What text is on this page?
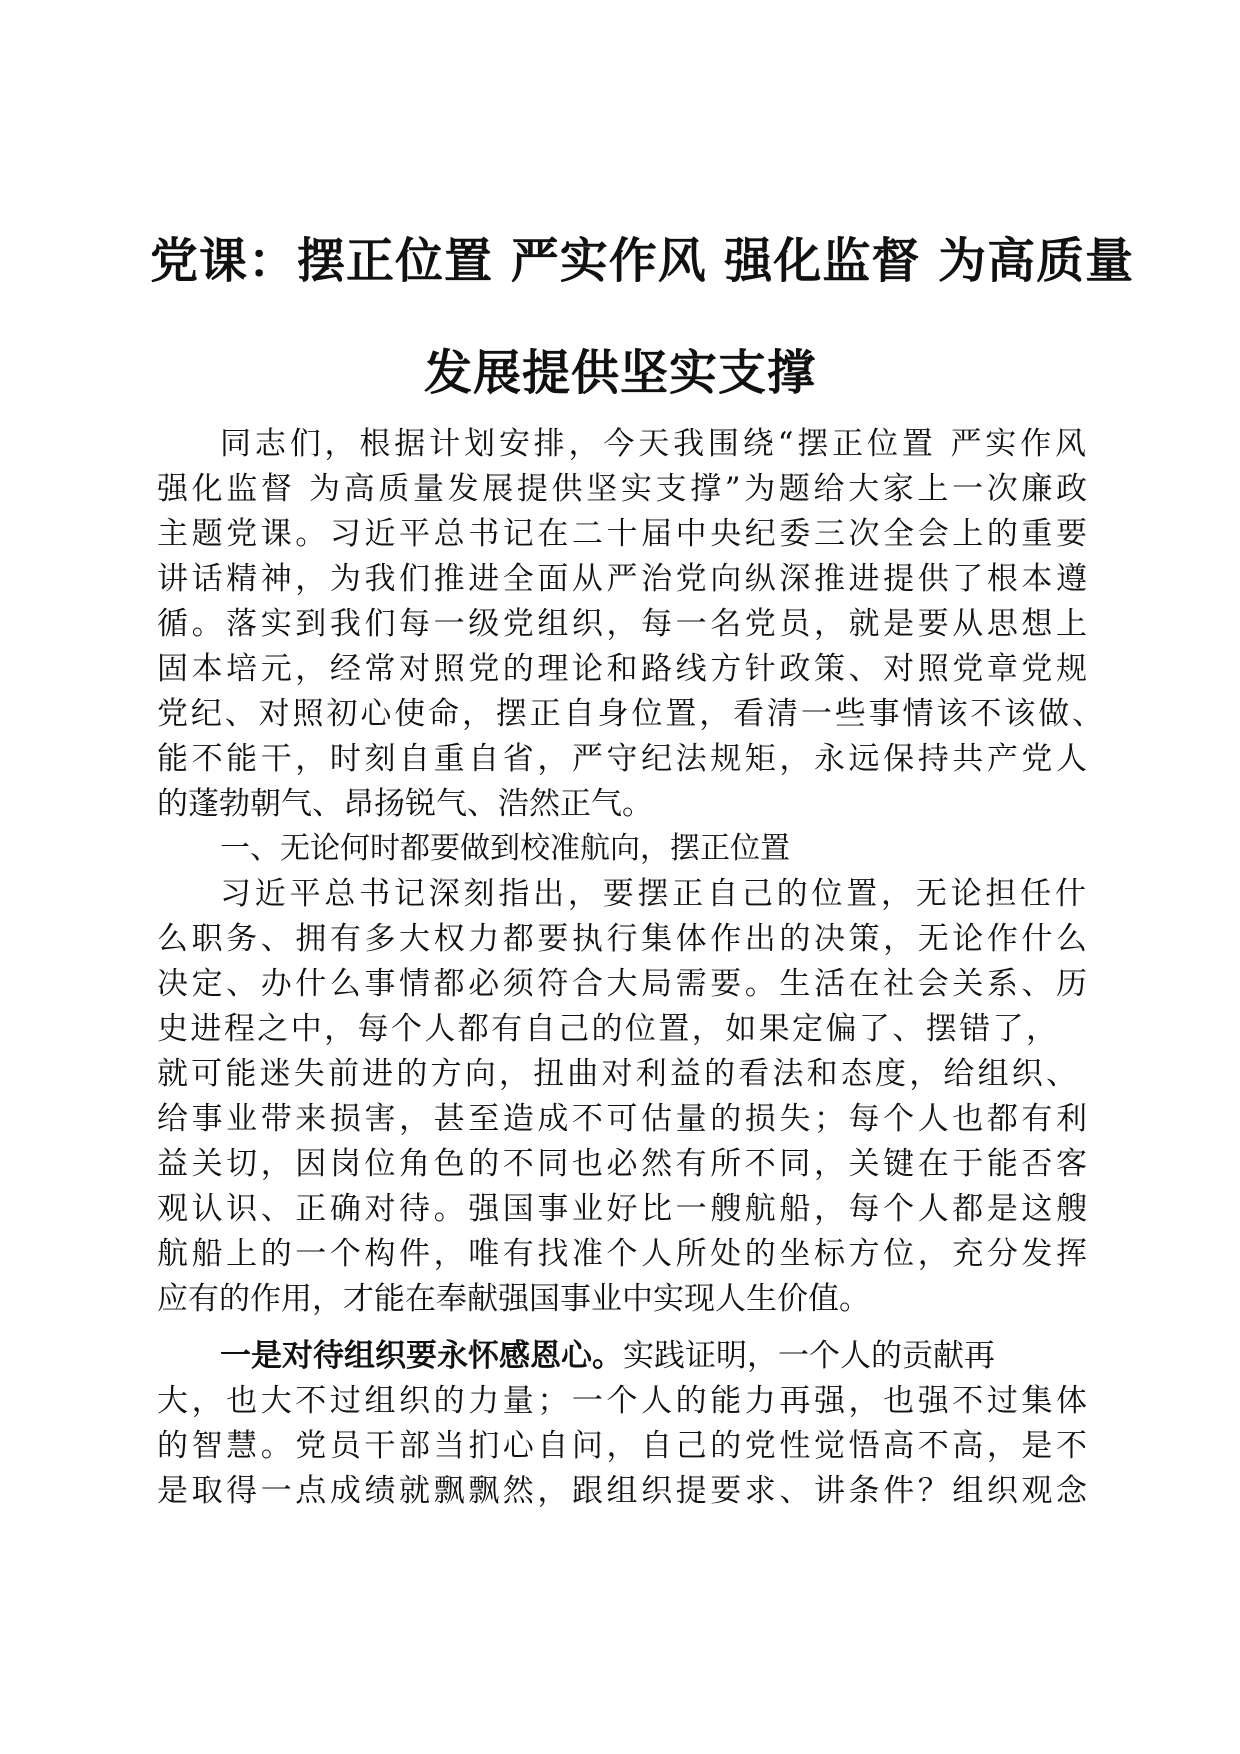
党课：摆正位置 严实作风 强化监督 为高质量
发展提供坚实支撑
同志们，根据计划安排，今天我围绕“摆正位置 严实作风
强化监督 为高质量发展提供坚实支撑”为题给大家上一次廉政
主题党课。习近平总书记在二十届中央纪委三次全会上的重要
讲话精神，为我们推进全面从严治党向纵深推进提供了根本遵
循。落实到我们每一级党组织，每一名党员，就是要从思想上
固本培元，经常对照党的理论和路线方针政策、对照党章党规
党纪、对照初心使命，摆正自身位置，看清一些事情该不该做、
能不能干，时刻自重自省，严守纪法规矩，永远保持共产党人
的蓬勃朝气、昂扬锐气、浩然正气。
一、无论何时都要做到校准航向，摆正位置
习近平总书记深刻指出，要摆正自己的位置，无论担任什
么职务、拥有多大权力都要执行集体作出的决策，无论作什么
决定、办什么事情都必须符合大局需要。生活在社会关系、历
史进程之中，每个人都有自己的位置，如果定偏了、摆错了，
就可能迷失前进的方向，扭曲对利益的看法和态度，给组织、
给事业带来损害，甚至造成不可估量的损失；每个人也都有利
益关切，因岗位角色的不同也必然有所不同，关键在于能否客
观认识、正确对待。强国事业好比一艘航船，每个人都是这艘
航船上的一个构件，唯有找准个人所处的坐标方位，充分发挥
应有的作用，才能在奉献强国事业中实现人生价值。
一是对待组织要永怀感恩心。 实践证明，一个人的贡献再
大，也大不过组织的力量；一个人的能力再强，也强不过集体
的智慧。党员干部当扪心自问，自己的党性觉悟高不高，是不
是取得一点成绩就飘飘然，跟组织提要求、讲条件？组织观念
